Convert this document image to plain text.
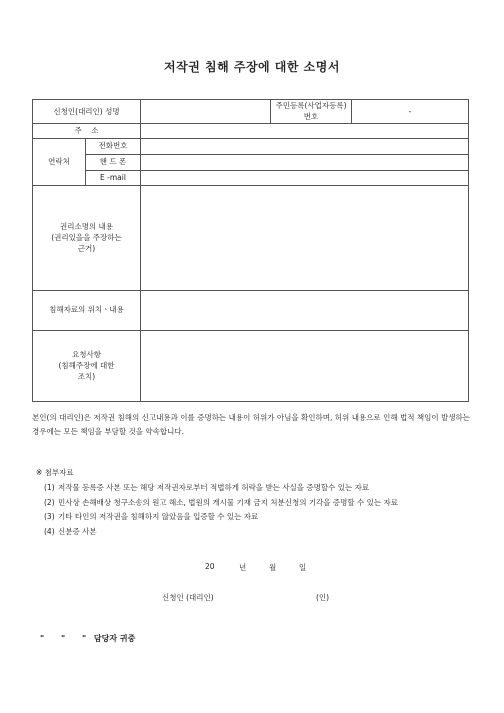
저작권 침해 주장에 대한 소명서
신청인(대리인) 성명			주민등록(사업자등록)번호	-
주    소				
연락처	전화번호			
	핸 드 폰			
	E -mail			

권리소명의 내용
(권리있을을 주장하는
근거)				

침해자료의 위치ㆍ내용				

요청사항
(침해주장에 대한
조치)				

본인(의 대리인)은 저작권 침해의 신고내용과 이를 증명하는 내용이 허위가 아님을 확인하며, 허위 내용으로 인해 법적 책임이 발생하는 경우에는 모든 책임을 부담할 것을 약속합니다.
※ 첨부자료
(1) 저작물 등록증 사본 또는 해당 저작권자로부터 적법하게 허락을 받는 사실을 증명할수 있는 자료
(2) 민사상 손해배상 청구소송의 원고 해소, 법원의 게시물 기재 금지 처분신청의 기각을 증명할 수 있는 자료
(3) 기타 타인의 저작권을 침해하지 않았음을 입증할 수 있는 자료
(4) 신분증 사본
20	년	월	일
신청인 (대리인)	(인)
" " " 담당자 귀중
